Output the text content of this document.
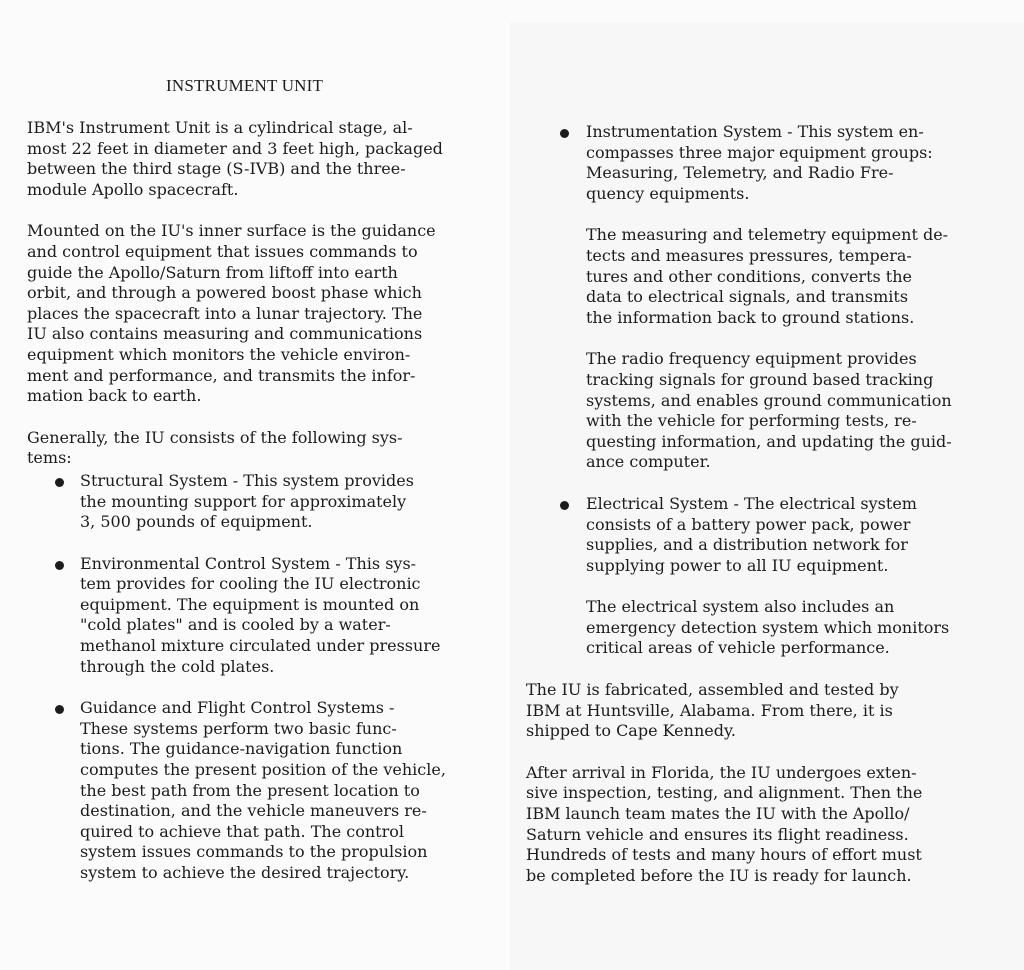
INSTRUMENT UNIT

IBM's Instrument Unit is a cylindrical stage, al-
most 22 feet in diameter and 3 feet high, packaged
between the third stage (S-IVB) and the three-
module Apollo spacecraft.

Mounted on the IU's inner surface is the guidance
and control equipment that issues commands to
guide the Apollo/Saturn from liftoff into earth
orbit, and through a powered boost phase which
places the spacecraft into a lunar trajectory. The
IU also contains measuring and communications
equipment which monitors the vehicle environ-
ment and performance, and transmits the infor-
mation back to earth.

Generally, the IU consists of the following sys-
tems:

Structural System - This system provides
the mounting support for approximately
3, 500 pounds of equipment.
Environmental Control System - This sys-
tem provides for cooling the IU electronic
equipment. The equipment is mounted on
"cold plates" and is cooled by a water-
methanol mixture circulated under pressure
through the cold plates.
Guidance and Flight Control Systems -
These systems perform two basic func-
tions. The guidance-navigation function
computes the present position of the vehicle,
the best path from the present location to
destination, and the vehicle maneuvers re-
quired to achieve that path. The control
system issues commands to the propulsion
system to achieve the desired trajectory.
Instrumentation System - This system en-
compasses three major equipment groups:
Measuring, Telemetry, and Radio Fre-
quency equipments.

The measuring and telemetry equipment de-
tects and measures pressures, tempera-
tures and other conditions, converts the
data to electrical signals, and transmits
the information back to ground stations.

The radio frequency equipment provides
tracking signals for ground based tracking
systems, and enables ground communication
with the vehicle for performing tests, re-
questing information, and updating the guid-
ance computer.

Electrical System - The electrical system
consists of a battery power pack, power
supplies, and a distribution network for
supplying power to all IU equipment.

The electrical system also includes an
emergency detection system which monitors
critical areas of vehicle performance.

The IU is fabricated, assembled and tested by
IBM at Huntsville, Alabama. From there, it is
shipped to Cape Kennedy.

After arrival in Florida, the IU undergoes exten-
sive inspection, testing, and alignment. Then the
IBM launch team mates the IU with the Apollo/
Saturn vehicle and ensures its flight readiness.
Hundreds of tests and many hours of effort must
be completed before the IU is ready for launch.
